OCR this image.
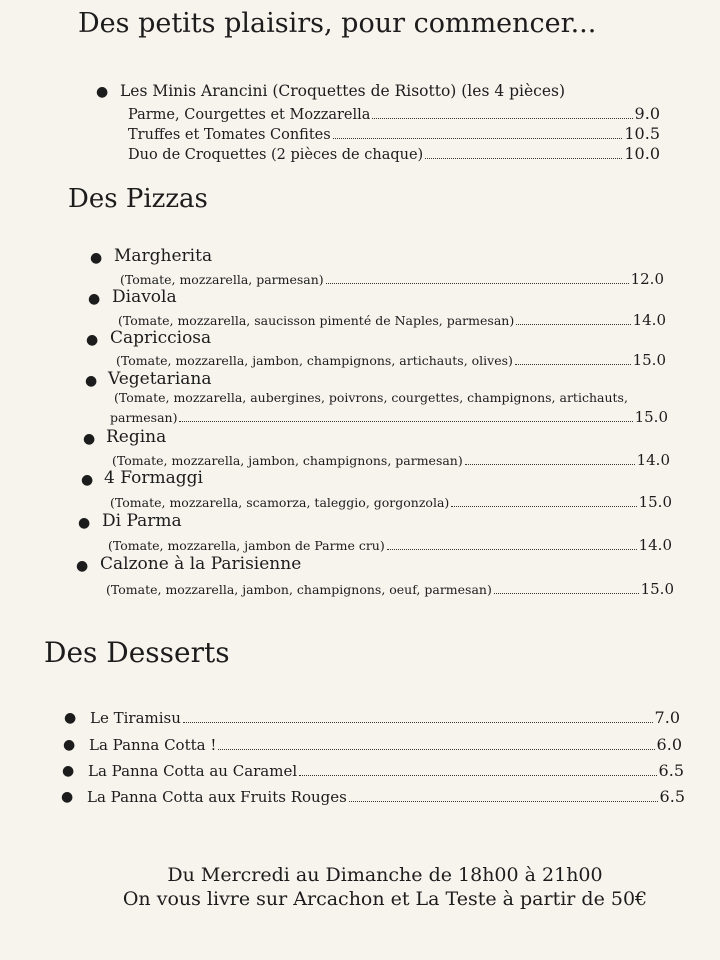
Des petits plaisirs, pour commencer...
● Les Minis Arancini (Croquettes de Risotto) (les 4 pièces)
Parme, Courgettes et Mozzarella	9.0
Truffes et Tomates Confites	10.5
Duo de Croquettes (2 pièces de chaque)	10.0
Des Pizzas
● Margherita
(Tomate, mozzarella, parmesan)	12.0
● Diavola
(Tomate, mozzarella, saucisson pimenté de Naples, parmesan)	14.0
● Capricciosa
(Tomate, mozzarella, jambon, champignons, artichauts, olives)	15.0
● Vegetariana
(Tomate, mozzarella, aubergines, poivrons, courgettes, champignons, artichauts,
parmesan)	15.0
● Regina
(Tomate, mozzarella, jambon, champignons, parmesan)	14.0
● 4 Formaggi
(Tomate, mozzarella, scamorza, taleggio, gorgonzola)	15.0
● Di Parma
(Tomate, mozzarella, jambon de Parme cru)	14.0
● Calzone à la Parisienne
(Tomate, mozzarella, jambon, champignons, oeuf, parmesan)	15.0
Des Desserts
● Le Tiramisu	7.0
● La Panna Cotta !	6.0
● La Panna Cotta au Caramel	6.5
● La Panna Cotta aux Fruits Rouges	6.5
Du Mercredi au Dimanche de 18h00 à 21h00
On vous livre sur Arcachon et La Teste à partir de 50€
